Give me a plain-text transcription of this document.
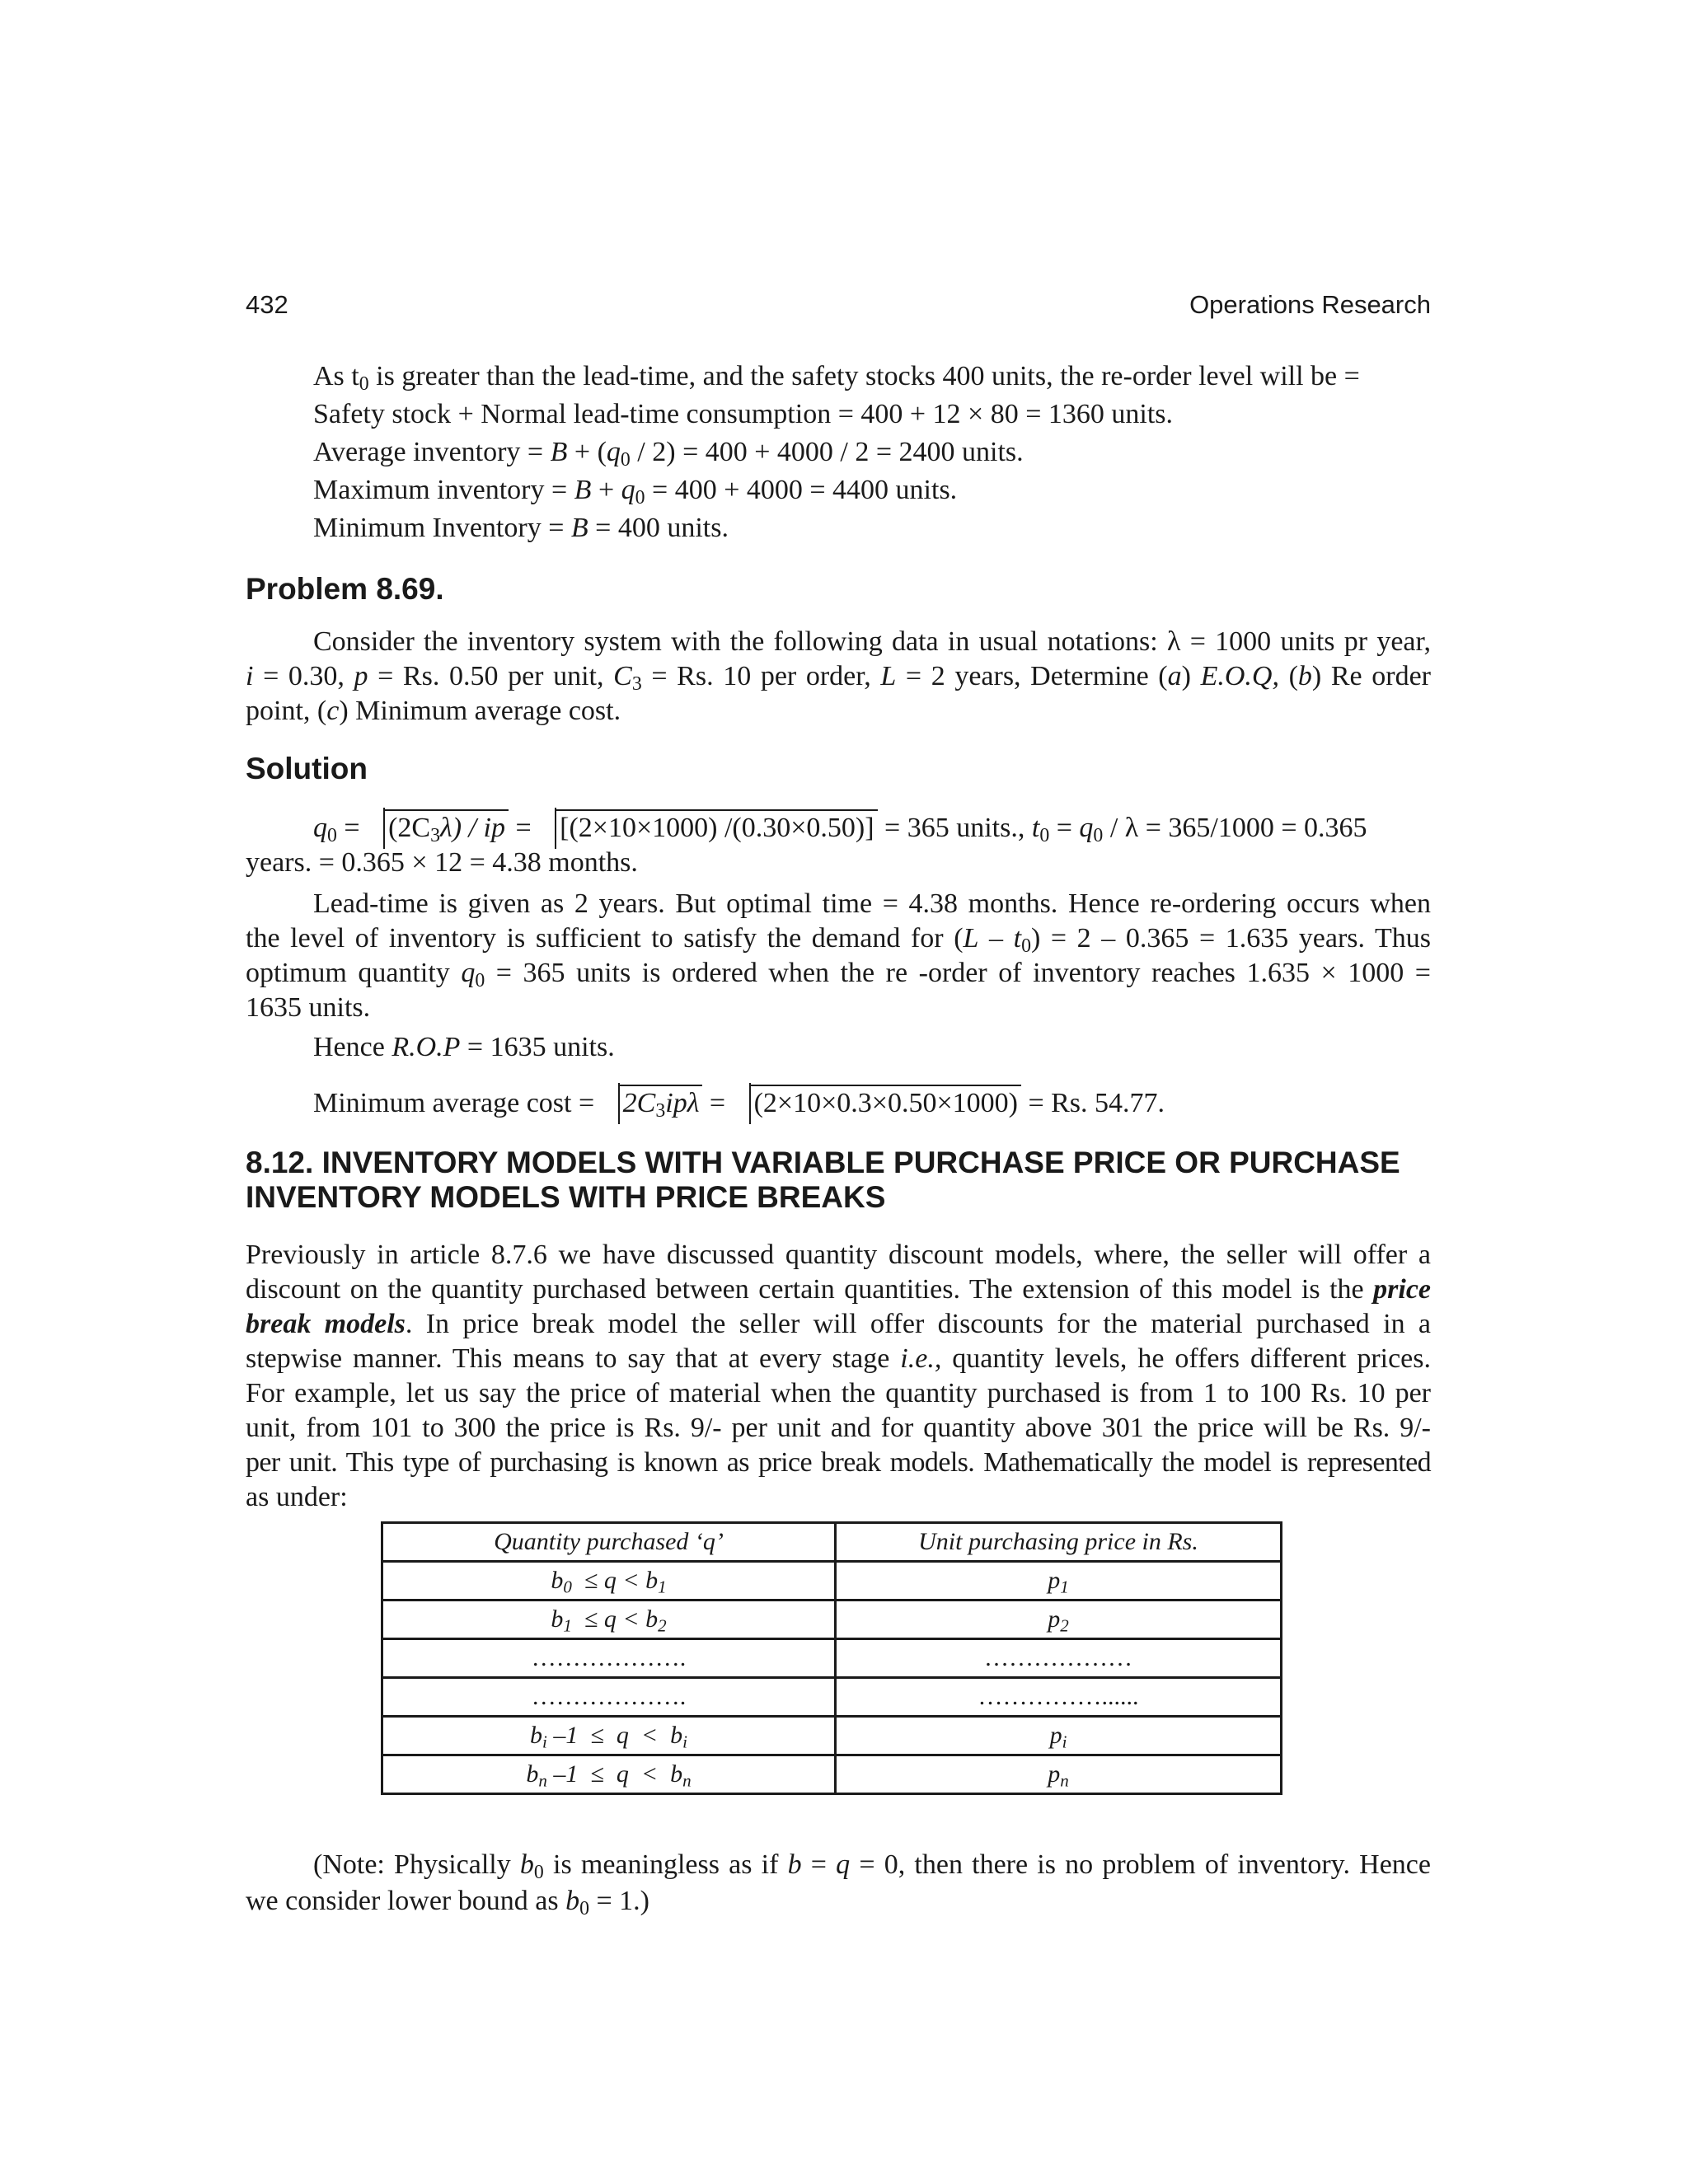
432	Operations Research
As $t_0$ is greater than the lead-time, and the safety stocks 400 units, the re-order level will be =
Safety stock + Normal lead-time consumption = 400 + 12 × 80 = 1360 units.
Average inventory = $B + (q_0 / 2) = 400 + 4000 / 2 = 2400$ units.
Maximum inventory = $B + q_0 = 400 + 4000 = 4400$ units.
Minimum Inventory = B = 400 units.
Problem 8.69.
Consider the inventory system with the following data in usual notations: λ = 1000 units pr year,
i = 0.30, p = Rs. 0.50 per unit, $C_3 = Rs$. 10 per order, L = 2 years, Determine (a) E.O.Q, (b) Re order
point, (c) Minimum average cost.
Solution
$q_0 = (2C_3\lambda)$ / ip = [(2×10×1000) /(0.30×0.50)] = 365 units., $t_0 = q_0 / \lambda = 365/1000 = 0.365$
years. = 0.365 × 12 = 4.38 months.
Lead-time is given as 2 years. But optimal time = 4.38 months. Hence re-ordering occurs when
the level of inventory is sufficient to satisfy the demand for $(L - t_0) = 2 - 0.365 = 1.635$ years. Thus
optimum quantity $q_0 = 365$ units is ordered when the re -order of inventory reaches 1.635 × 1000 =
1635 units.
Hence R.O.P = 1635 units.
Minimum average $\cos t = 2C_3ip\lambda = (2\times 10\times 0.3\times 0.50\times 1000) = Rs$. 54.77.
8.12. INVENTORY MODELS WITH VARIABLE PURCHASE PRICE OR PURCHASE
INVENTORY MODELS WITH PRICE BREAKS
Previously in article 8.7.6 we have discussed quantity discount models, where, the seller will offer a
discount on the quantity purchased between certain quantities. The extension of this model is the price
break models. In price break model the seller will offer discounts for the material purchased in a
stepwise manner. This means to say that at every stage i.e., quantity levels, he offers different prices.
For example, let us say the price of material when the quantity purchased is from 1 to 100 Rs. 10 per
unit, from 101 to 300 the price is Rs. 9/- per unit and for quantity above 301 the price will be Rs. 9/-
per unit. This type of purchasing is known as price break models. Mathematically the model is represented
as under:
Quantity purchased ‘q’	Unit purchasing price in Rs.
$b_0 \le q < b_1$	$p_1$
$b_1 \le q < b_2$	$p_2$
……………….	………………
……………….	……………......
$b_i$ $-1 \le q < b_i$	$p_i$
$b_n$ $-1 \le q < b_n$	$p_n$
(Note: Physically $b_0$ is meaningless as if b = q = 0, then there is no problem of inventory. Hence
we consider lower bound as $b_0 = 1$.)
